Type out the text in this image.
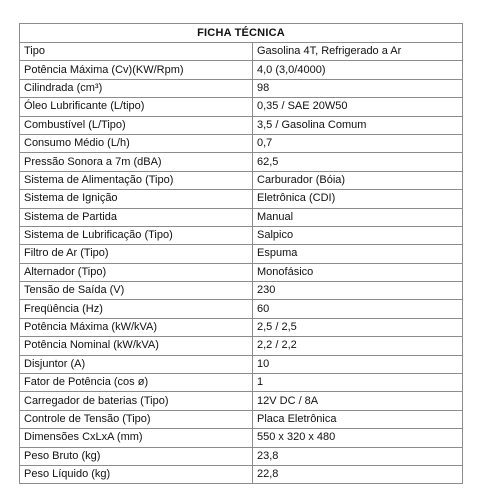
FICHA TÉCNICA	
Tipo	Gasolina 4T, Refrigerado a Ar
Potência Máxima (Cv)(KW/Rpm)	4,0 (3,0/4000)
Cilindrada (cm³)	98
Óleo Lubrificante (L/tipo)	0,35 / SAE 20W50
Combustível (L/Tipo)	3,5 / Gasolina Comum
Consumo Médio (L/h)	0,7
Pressão Sonora a 7m (dBA)	62,5
Sistema de Alimentação (Tipo)	Carburador (Bóia)
Sistema de Ignição	Eletrônica (CDI)
Sistema de Partida	Manual
Sistema de Lubrificação (Tipo)	Salpico
Filtro de Ar (Tipo)	Espuma
Alternador (Tipo)	Monofásico
Tensão de Saída (V)	230
Freqüência (Hz)	60
Potência Máxima (kW/kVA)	2,5 / 2,5
Potência Nominal (kW/kVA)	2,2 / 2,2
Disjuntor (A)	10
Fator de Potência (cos ø)	1
Carregador de baterias (Tipo)	12V DC / 8A
Controle de Tensão (Tipo)	Placa Eletrônica
Dimensões CxLxA (mm)	550 x 320 x 480
Peso Bruto (kg)	23,8
Peso Líquido (kg)	22,8
